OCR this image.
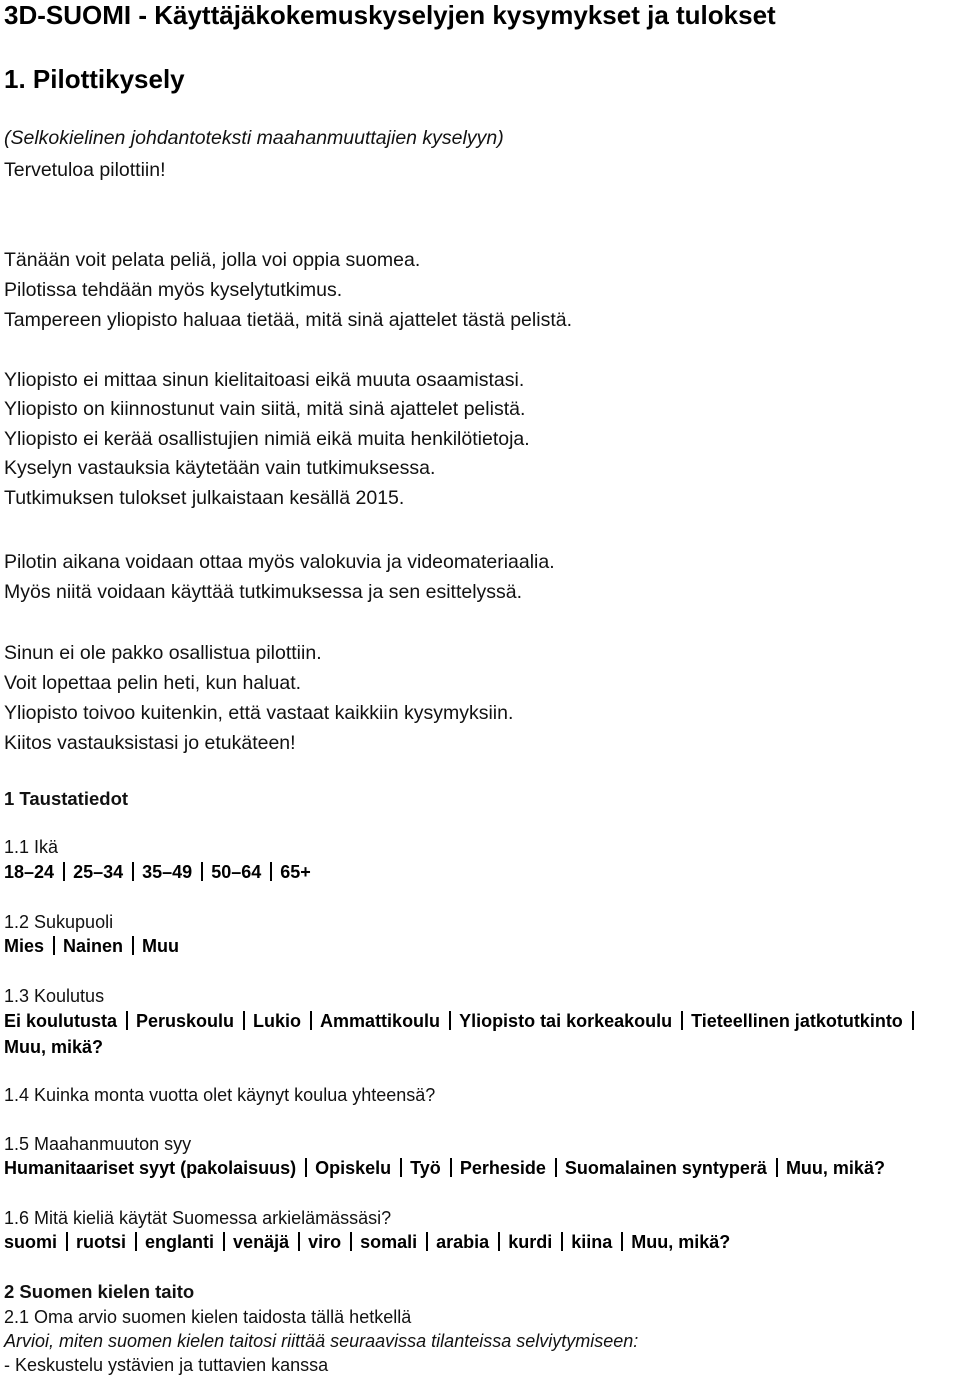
3D-SUOMI - Käyttäjäkokemuskyselyjen kysymykset ja tulokset
1. Pilottikysely
(Selkokielinen johdantoteksti maahanmuuttajien kyselyyn)
Tervetuloa pilottiin!
Tänään voit pelata peliä, jolla voi oppia suomea.
Pilotissa tehdään myös kyselytutkimus.
Tampereen yliopisto haluaa tietää, mitä sinä ajattelet tästä pelistä.
Yliopisto ei mittaa sinun kielitaitoasi eikä muuta osaamistasi.
Yliopisto on kiinnostunut vain siitä, mitä sinä ajattelet pelistä.
Yliopisto ei kerää osallistujien nimiä eikä muita henkilötietoja.
Kyselyn vastauksia käytetään vain tutkimuksessa.
Tutkimuksen tulokset julkaistaan kesällä 2015.
Pilotin aikana voidaan ottaa myös valokuvia ja videomateriaalia.
Myös niitä voidaan käyttää tutkimuksessa ja sen esittelyssä.
Sinun ei ole pakko osallistua pilottiin.
Voit lopettaa pelin heti, kun haluat.
Yliopisto toivoo kuitenkin, että vastaat kaikkiin kysymyksiin.
Kiitos vastauksistasi jo etukäteen!
1 Taustatiedot
1.1 Ikä
18–24 25–34 35–49 50–64 65+
1.2 Sukupuoli
Mies Nainen Muu
1.3 Koulutus
Ei koulutusta Peruskoulu Lukio Ammattikoulu Yliopisto tai korkeakoulu Tieteellinen jatkotutkintoMuu, mikä?
1.4 Kuinka monta vuotta olet käynyt koulua yhteensä?
1.5 Maahanmuuton syy
Humanitaariset syyt (pakolaisuus) Opiskelu Työ Perheside Suomalainen syntyperä Muu, mikä?
1.6 Mitä kieliä käytät Suomessa arkielämässäsi?
suomi ruotsi englanti venäjä viro somali arabia kurdi kiina Muu, mikä?
2 Suomen kielen taito
2.1 Oma arvio suomen kielen taidosta tällä hetkellä
Arvioi, miten suomen kielen taitosi riittää seuraavissa tilanteissa selviytymiseen:
- Keskustelu ystävien ja tuttavien kanssa
